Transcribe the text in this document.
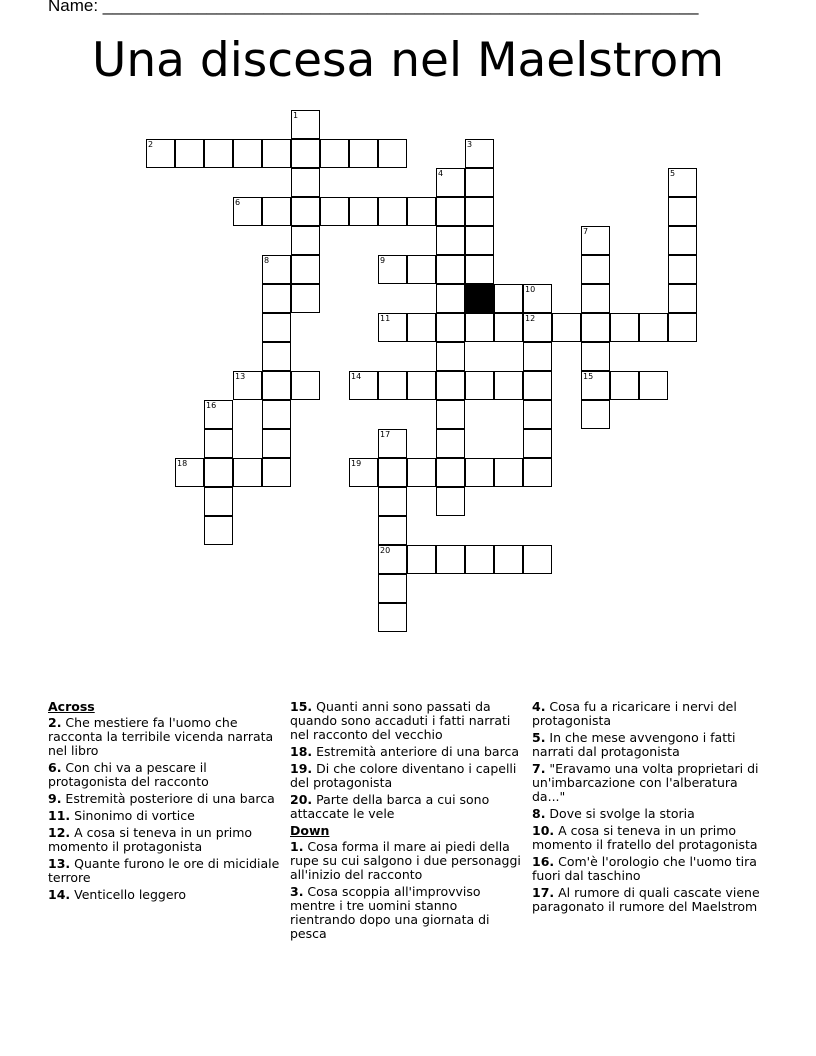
Name: _______________________________________________________________
Una discesa nel Maelstrom
1
2	3
4	5
6
7
8	9
10
11	12
13	14	15
16
17
18	19
20
Across
2. Che mestiere fa l'uomo che racconta la terribile vicenda narrata nel libro
6. Con chi va a pescare il protagonista del racconto
9. Estremità posteriore di una barca
11. Sinonimo di vortice
12. A cosa si teneva in un primo momento il protagonista
13. Quante furono le ore di micidiale terrore
14. Venticello leggero
15. Quanti anni sono passati da quando sono accaduti i fatti narrati nel racconto del vecchio
18. Estremità anteriore di una barca
19. Di che colore diventano i capelli del protagonista
20. Parte della barca a cui sono attaccate le vele
Down
1. Cosa forma il mare ai piedi della rupe su cui salgono i due personaggi all'inizio del racconto
3. Cosa scoppia all'improvviso mentre i tre uomini stanno rientrando dopo una giornata di pesca
4. Cosa fu a ricaricare i nervi del protagonista
5. In che mese avvengono i fatti narrati dal protagonista
7. "Eravamo una volta proprietari di un'imbarcazione con l'alberatura da..."
8. Dove si svolge la storia
10. A cosa si teneva in un primo momento il fratello del protagonista
16. Com'è l'orologio che l'uomo tira fuori dal taschino
17. Al rumore di quali cascate viene paragonato il rumore del Maelstrom
